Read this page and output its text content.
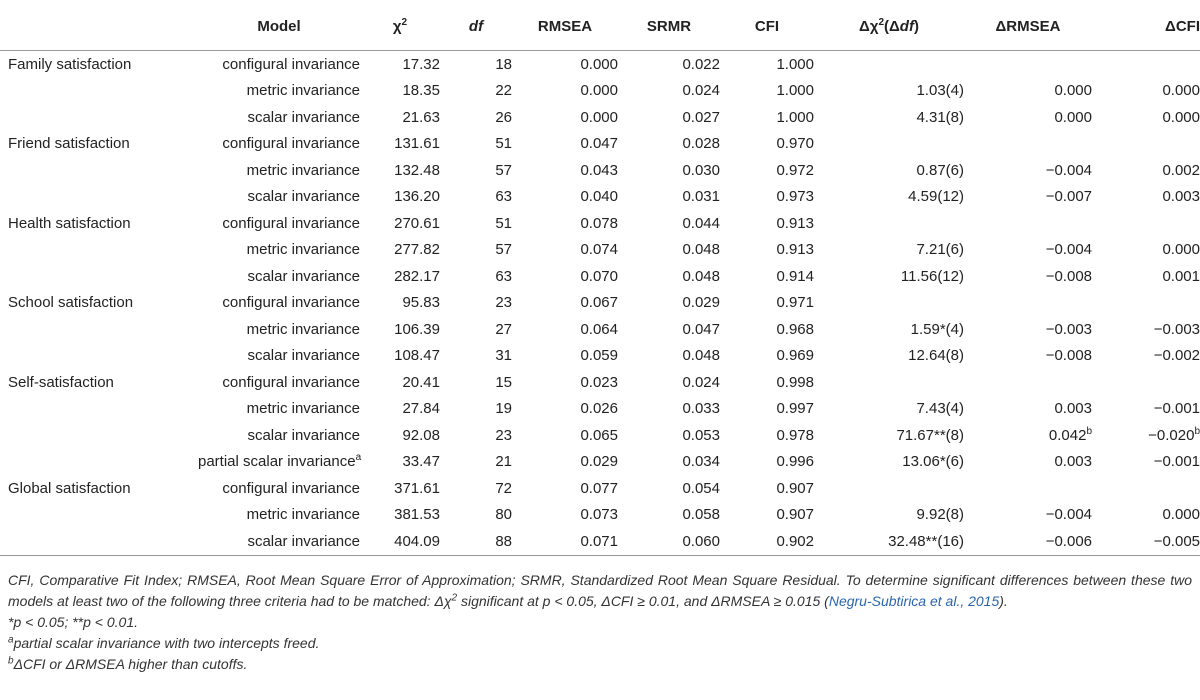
	Model	$\chi^2$	df	RMSEA	SRMR	CFI	$\Delta\chi^2(\Delta df)$	ΔRMSEA	ΔCFI
Family satisfaction	configural invariance	17.32	18	0.000	0.022	1.000			
	metric invariance	18.35	22	0.000	0.024	1.000	1.03(4)	0.000	0.000
	scalar invariance	21.63	26	0.000	0.027	1.000	4.31(8)	0.000	0.000
Friend satisfaction	configural invariance	131.61	51	0.047	0.028	0.970			
	metric invariance	132.48	57	0.043	0.030	0.972	0.87(6)	−0.004	0.002
	scalar invariance	136.20	63	0.040	0.031	0.973	4.59(12)	−0.007	0.003
Health satisfaction	configural invariance	270.61	51	0.078	0.044	0.913			
	metric invariance	277.82	57	0.074	0.048	0.913	7.21(6)	−0.004	0.000
	scalar invariance	282.17	63	0.070	0.048	0.914	11.56(12)	−0.008	0.001
School satisfaction	configural invariance	95.83	23	0.067	0.029	0.971			
	metric invariance	106.39	27	0.064	0.047	0.968	1.59*(4)	−0.003	−0.003
	scalar invariance	108.47	31	0.059	0.048	0.969	12.64(8)	−0.008	−0.002
Self-satisfaction	configural invariance	20.41	15	0.023	0.024	0.998			
	metric invariance	27.84	19	0.026	0.033	0.997	7.43(4)	0.003	−0.001
	scalar invariance	92.08	23	0.065	0.053	0.978	71.67**(8)	0.042$^b$	−0.020$^b$
	partial scalar invariance$^a$	33.47	21	0.029	0.034	0.996	13.06*(6)	0.003	−0.001
Global satisfaction	configural invariance	371.61	72	0.077	0.054	0.907			
	metric invariance	381.53	80	0.073	0.058	0.907	9.92(8)	−0.004	0.000
	scalar invariance	404.09	88	0.071	0.060	0.902	32.48**(16)	−0.006	−0.005

CFI, Comparative Fit Index; RMSEA, Root Mean Square Error of Approximation; SRMR, Standardized Root Mean Square Residual. To determine significant differences between these two models at least two of the following three criteria had to be matched: $\Delta\chi^2$ significant at p < 0.05, ΔCFI ≥ 0.01, and ΔRMSEA ≥ 0.015 (Negru-Subtirica et al., 2015).

*p < 0.05; **p < 0.01.

$^a$partial scalar invariance with two intercepts freed.

$^b$ΔCFI or ΔRMSEA higher than cutoffs.
